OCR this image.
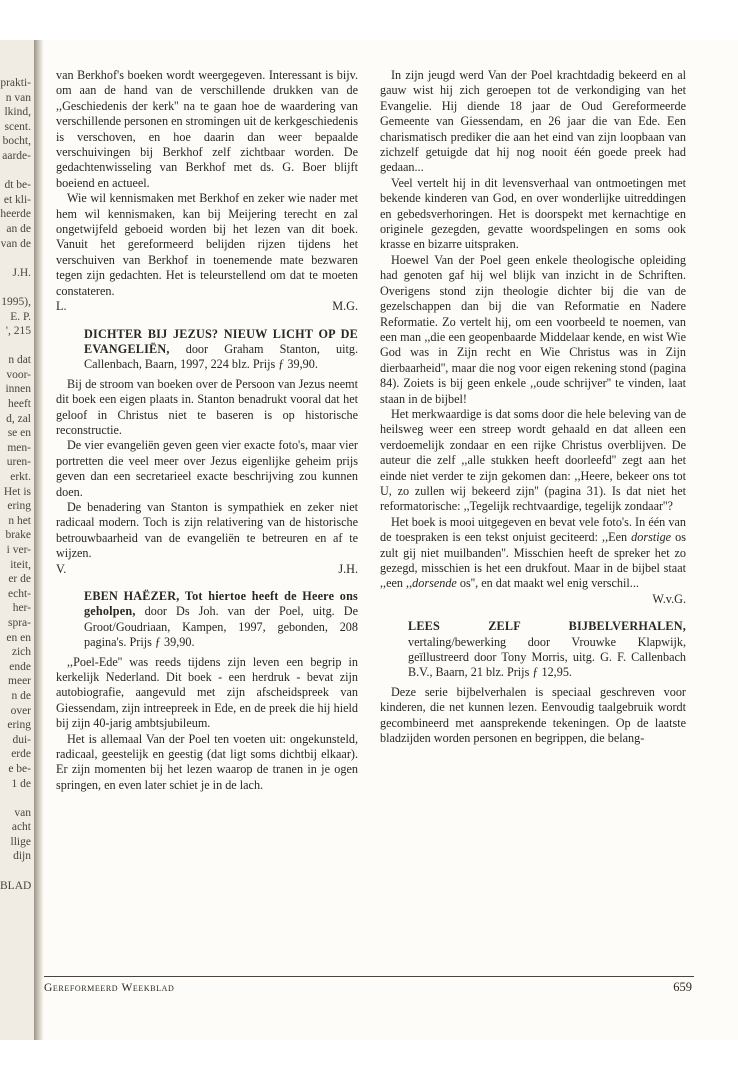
prakti-
n van
lkind,
scent.
bocht,
aarde-

dt be-
et kli-
heerde
an de
van de

J.H.

1995),
E. P.
', 215

n dat
voor-
innen
heeft
d, zal
se en
men-
uren-
erkt.
Het is
ering
n het
brake
i ver-
iteit,
er de
echt-
her-
spra-
en en
zich
ende
meer
n de
over
ering
duі-
erde
e be-
1 de

van
acht
llige
dijn

BLAD

van Berkhof's boeken wordt weergegeven. Interessant is bijv. om aan de hand van de verschillende drukken van de ,,Geschiedenis der kerk'' na te gaan hoe de waardering van verschillende personen en stromingen uit de kerkgeschiedenis is verschoven, en hoe daarin dan weer bepaalde verschuivingen bij Berkhof zelf zichtbaar worden. De gedachtenwisseling van Berkhof met ds. G. Boer blijft boeiend en actueel.

Wie wil kennismaken met Berkhof en zeker wie nader met hem wil kennismaken, kan bij Meijering terecht en zal ongetwijfeld geboeid worden bij het lezen van dit boek. Vanuit het gereformeerd belijden rijzen tijdens het verschuiven van Berkhof in toenemende mate bezwaren tegen zijn gedachten. Het is teleurstellend om dat te moeten constateren.

L.	M.G.
DICHTER BIJ JEZUS? NIEUW LICHT OP DE EVANGELIËN, door Graham Stanton, uitg. Callenbach, Baarn, 1997, 224 blz. Prijs ƒ 39,90.

Bij de stroom van boeken over de Persoon van Jezus neemt dit boek een eigen plaats in. Stanton benadrukt vooral dat het geloof in Christus niet te baseren is op historische reconstructie.

De vier evangeliën geven geen vier exacte foto's, maar vier portretten die veel meer over Jezus eigenlijke geheim prijs geven dan een secretarieel exacte beschrijving zou kunnen doen.

De benadering van Stanton is sympathiek en zeker niet radicaal modern. Toch is zijn relativering van de historische betrouwbaarheid van de evangeliën te betreuren en af te wijzen.

V.	J.H.
EBEN HAËZER, Tot hiertoe heeft de Heere ons geholpen, door Ds Joh. van der Poel, uitg. De Groot/Goudriaan, Kampen, 1997, gebonden, 208 pagina's. Prijs ƒ 39,90.

,,Poel-Ede'' was reeds tijdens zijn leven een begrip in kerkelijk Nederland. Dit boek - een herdruk - bevat zijn autobiografie, aangevuld met zijn afscheidspreek van Giessendam, zijn intreepreek in Ede, en de preek die hij hield bij zijn 40-jarig ambtsjubileum.

Het is allemaal Van der Poel ten voeten uit: ongekunsteld, radicaal, geestelijk en geestig (dat ligt soms dichtbij elkaar). Er zijn momenten bij het lezen waarop de tranen in je ogen springen, en even later schiet je in de lach.

In zijn jeugd werd Van der Poel krachtdadig bekeerd en al gauw wist hij zich geroepen tot de verkondiging van het Evangelie. Hij diende 18 jaar de Oud Gereformeerde Gemeente van Giessendam, en 26 jaar die van Ede. Een charismatisch prediker die aan het eind van zijn loopbaan van zichzelf getuigde dat hij nog nooit één goede preek had gedaan...

Veel vertelt hij in dit levensverhaal van ontmoetingen met bekende kinderen van God, en over wonderlijke uitreddingen en gebedsverhoringen. Het is doorspekt met kernachtige en originele gezegden, gevatte woordspelingen en soms ook krasse en bizarre uitspraken.

Hoewel Van der Poel geen enkele theologische opleiding had genoten gaf hij wel blijk van inzicht in de Schriften. Overigens stond zijn theologie dichter bij die van de gezelschappen dan bij die van Reformatie en Nadere Reformatie. Zo vertelt hij, om een voorbeeld te noemen, van een man ,,die een geopenbaarde Middelaar kende, en wist Wie God was in Zijn recht en Wie Christus was in Zijn dierbaarheid'', maar die nog voor eigen rekening stond (pagina 84). Zoiets is bij geen enkele ,,oude schrijver'' te vinden, laat staan in de bijbel!

Het merkwaardige is dat soms door die hele beleving van de heilsweg weer een streep wordt gehaald en dat alleen een verdoemelijk zondaar en een rijke Christus overblijven. De auteur die zelf ,,alle stukken heeft doorleefd'' zegt aan het einde niet verder te zijn gekomen dan: ,,Heere, bekeer ons tot U, zo zullen wij bekeerd zijn'' (pagina 31). Is dat niet het reformatorische: ,,Tegelijk rechtvaardige, tegelijk zondaar''?

Het boek is mooi uitgegeven en bevat vele foto's. In één van de toespraken is een tekst onjuist geciteerd: ,,Een dorstige os zult gij niet muilbanden''. Misschien heeft de spreker het zo gezegd, misschien is het een drukfout. Maar in de bijbel staat ,,een ,,dorsende os'', en dat maakt wel enig verschil...

W.v.G.
LEES ZELF BIJBELVERHALEN, vertaling/bewerking door Vrouwke Klapwijk, geïllustreerd door Tony Morris, uitg. G. F. Callenbach B.V., Baarn, 21 blz. Prijs ƒ 12,95.

Deze serie bijbelverhalen is speciaal geschreven voor kinderen, die net kunnen lezen. Eenvoudig taalgebruik wordt gecombineerd met aansprekende tekeningen. Op de laatste bladzijden worden personen en begrippen, die belang-

Gereformeerd Weekblad	659
